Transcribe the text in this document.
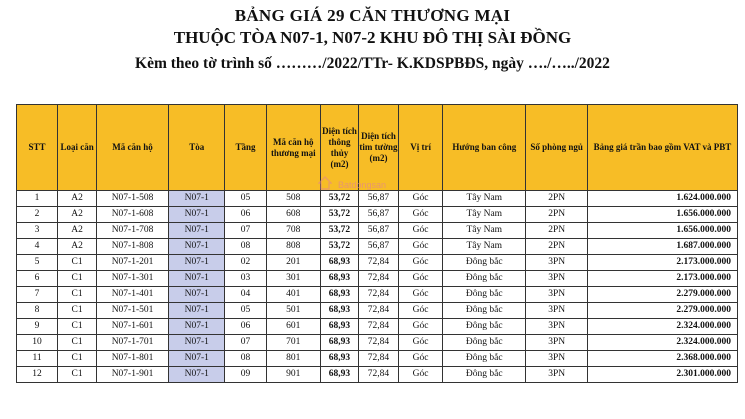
BẢNG GIÁ 29 CĂN THƯƠNG MẠI
THUỘC TÒA N07-1, N07-2 KHU ĐÔ THỊ SÀI ĐỒNG
Kèm theo tờ trình số ………/2022/TTr- K.KDSPBĐS, ngày …./…../2022
STT	Loại căn	Mã căn hộ	Tòa	Tầng	Mã căn hộ thương mại	Diện tích thông thủy (m2)	Diện tích tim tường (m2)	Vị trí	Hướng ban công	Số phòng ngủ	Bảng giá trần bao gồm VAT và PBT
1	A2	N07-1-508	N07-1	05	508	53,72	56,87	Góc	Tây Nam	2PN	1.624.000.000
2	A2	N07-1-608	N07-1	06	608	53,72	56,87	Góc	Tây Nam	2PN	1.656.000.000
3	A2	N07-1-708	N07-1	07	708	53,72	56,87	Góc	Tây Nam	2PN	1.656.000.000
4	A2	N07-1-808	N07-1	08	808	53,72	56,87	Góc	Tây Nam	2PN	1.687.000.000
5	C1	N07-1-201	N07-1	02	201	68,93	72,84	Góc	Đông bắc	3PN	2.173.000.000
6	C1	N07-1-301	N07-1	03	301	68,93	72,84	Góc	Đông bắc	3PN	2.173.000.000
7	C1	N07-1-401	N07-1	04	401	68,93	72,84	Góc	Đông bắc	3PN	2.279.000.000
8	C1	N07-1-501	N07-1	05	501	68,93	72,84	Góc	Đông bắc	3PN	2.279.000.000
9	C1	N07-1-601	N07-1	06	601	68,93	72,84	Góc	Đông bắc	3PN	2.324.000.000
10	C1	N07-1-701	N07-1	07	701	68,93	72,84	Góc	Đông bắc	3PN	2.324.000.000
11	C1	N07-1-801	N07-1	08	801	68,93	72,84	Góc	Đông bắc	3PN	2.368.000.000
12	C1	N07-1-901	N07-1	09	901	68,93	72,84	Góc	Đông bắc	3PN	2.301.000.000
Batdongsan
